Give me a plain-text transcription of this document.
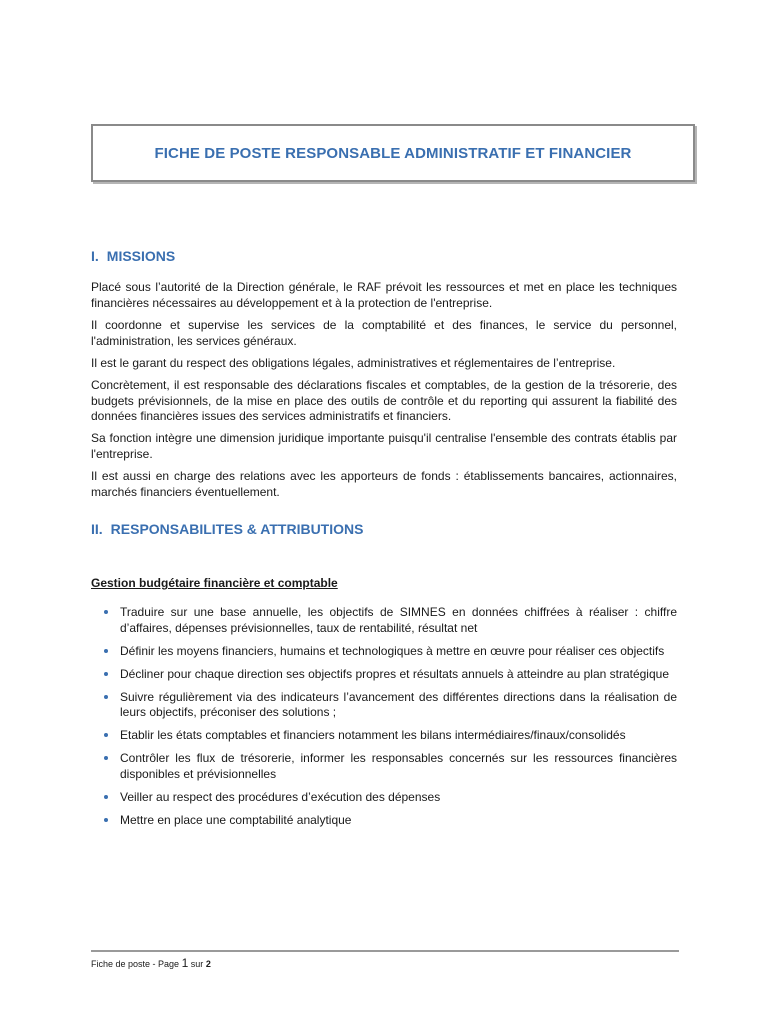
FICHE DE POSTE RESPONSABLE ADMINISTRATIF ET FINANCIER
I. MISSIONS

Placé sous l’autorité de la Direction générale, le RAF prévoit les ressources et met en place les techniques financières nécessaires au développement et à la protection de l'entreprise.

Il coordonne et supervise les services de la comptabilité et des finances, le service du personnel, l'administration, les services généraux.

Il est le garant du respect des obligations légales, administratives et réglementaires de l’entreprise.

Concrètement, il est responsable des déclarations fiscales et comptables, de la gestion de la trésorerie, des budgets prévisionnels, de la mise en place des outils de contrôle et du reporting qui assurent la fiabilité des données financières issues des services administratifs et financiers.

Sa fonction intègre une dimension juridique importante puisqu'il centralise l'ensemble des contrats établis par l'entreprise.

Il est aussi en charge des relations avec les apporteurs de fonds : établissements bancaires, actionnaires, marchés financiers éventuellement.

II. RESPONSABILITES & ATTRIBUTIONS

Gestion budgétaire financière et comptable

Traduire sur une base annuelle, les objectifs de SIMNES en données chiffrées à réaliser : chiffre d’affaires, dépenses prévisionnelles, taux de rentabilité, résultat net
Définir les moyens financiers, humains et technologiques à mettre en œuvre pour réaliser ces objectifs
Décliner pour chaque direction ses objectifs propres et résultats annuels à atteindre au plan stratégique
Suivre régulièrement via des indicateurs l’avancement des différentes directions dans la réalisation de leurs objectifs, préconiser des solutions ;
Etablir les états comptables et financiers notamment les bilans intermédiaires/finaux/consolidés
Contrôler les flux de trésorerie, informer les responsables concernés sur les ressources financières disponibles et prévisionnelles
Veiller au respect des procédures d’exécution des dépenses
Mettre en place une comptabilité analytique
Fiche de poste - Page 1 sur 2
